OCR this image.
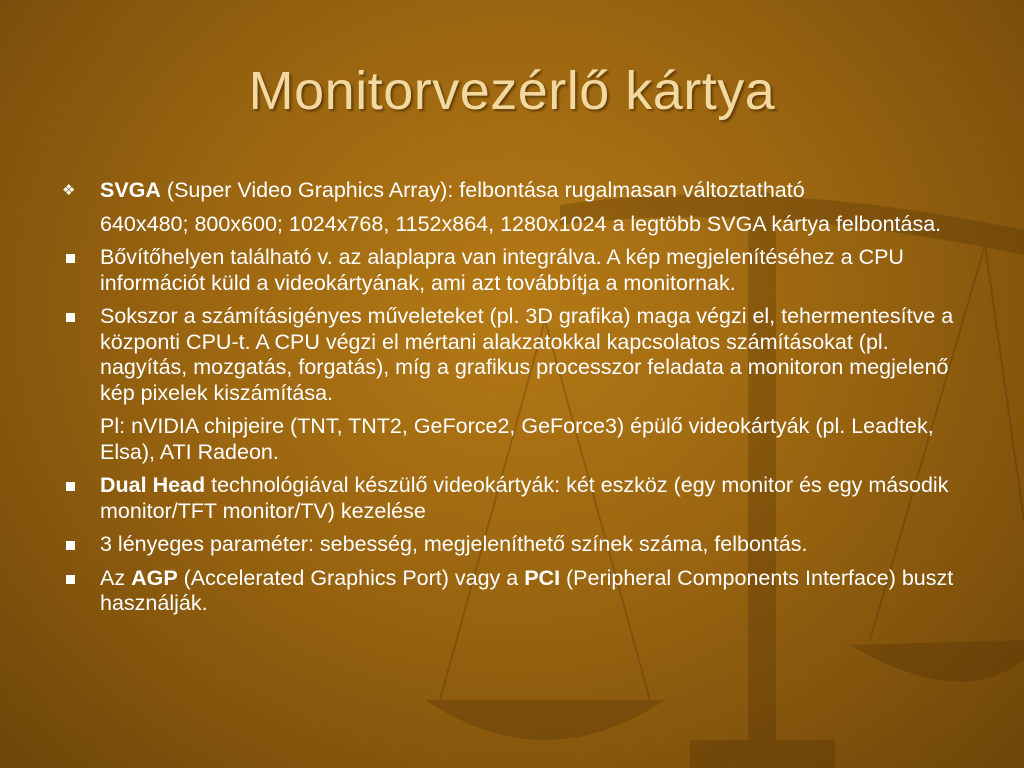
Monitorvezérlő kártya
❖ SVGA (Super Video Graphics Array): felbontása rugalmasan változtatható
640x480; 800x600; 1024x768, 1152x864, 1280x1024 a legtöbb SVGA kártya felbontása.
Bővítőhelyen található v. az alaplapra van integrálva. A kép megjelenítéséhez a CPU információt küld a videokártyának, ami azt továbbítja a monitornak.
Sokszor a számításigényes műveleteket (pl. 3D grafika) maga végzi el, tehermentesítve a központi CPU-t. A CPU végzi el mértani alakzatokkal kapcsolatos számításokat (pl. nagyítás, mozgatás, forgatás), míg a grafikus processzor feladata a monitoron megjelenő kép pixelek kiszámítása.
Pl: nVIDIA chipjeire (TNT, TNT2, GeForce2, GeForce3) épülő videokártyák (pl. Leadtek, Elsa), ATI Radeon.
Dual Head technológiával készülő videokártyák: két eszköz (egy monitor és egy második monitor/TFT monitor/TV) kezelése
3 lényeges paraméter: sebesség, megjeleníthető színek száma, felbontás.
Az AGP (Accelerated Graphics Port) vagy a PCI (Peripheral Components Interface) buszt használják.
